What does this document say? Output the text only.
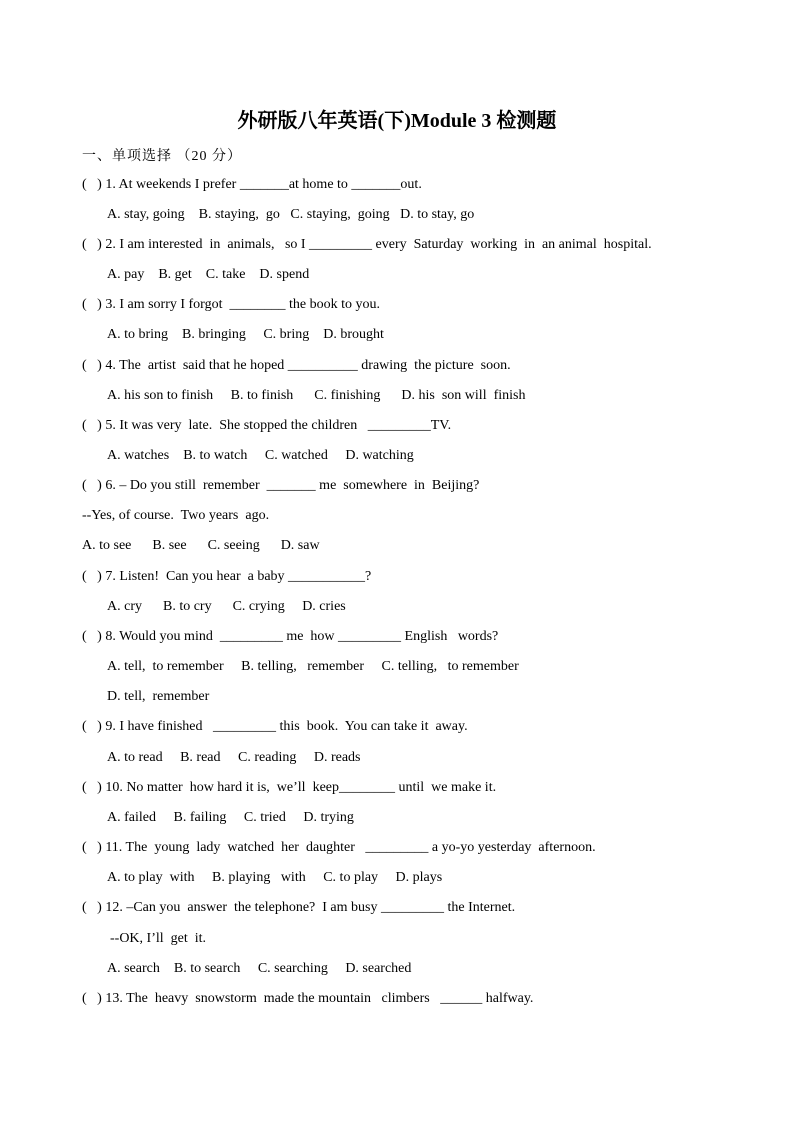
外研版八年英语(下)Module 3 检测题
一、单项选择 （20 分）
(   ) 1. At weekends I prefer _______at home to _______out.
A. stay, going    B. staying,  go   C. staying,  going   D. to stay, go
(   ) 2. I am interested  in  animals,   so I _________ every  Saturday  working  in  an animal  hospital.
A. pay    B. get    C. take    D. spend
(   ) 3. I am sorry I forgot  ________ the book to you.
A. to bring    B. bringing     C. bring    D. brought
(   ) 4. The  artist  said that he hoped __________ drawing  the picture  soon.
A. his son to finish     B. to finish      C. finishing      D. his  son will  finish
(   ) 5. It was very  late.  She stopped the children   _________TV.
A. watches    B. to watch     C. watched     D. watching
(   ) 6. – Do you still  remember  _______ me  somewhere  in  Beijing?
--Yes, of course.  Two years  ago.
A. to see      B. see      C. seeing      D. saw
(   ) 7. Listen!  Can you hear  a baby ___________?
A. cry      B. to cry      C. crying     D. cries
(   ) 8. Would you mind  _________ me  how _________ English   words?
A. tell,  to remember     B. telling,   remember     C. telling,   to remember
D. tell,  remember
(   ) 9. I have finished   _________ this  book.  You can take it  away.
A. to read     B. read     C. reading     D. reads
(   ) 10. No matter  how hard it is,  we’ll  keep________ until  we make it.
A. failed     B. failing     C. tried     D. trying
(   ) 11. The  young  lady  watched  her  daughter   _________ a yo-yo yesterday  afternoon.
A. to play  with     B. playing   with     C. to play     D. plays
(   ) 12. –Can you  answer  the telephone?  I am busy _________ the Internet.
--OK, I’ll  get  it.
A. search    B. to search     C. searching     D. searched
(   ) 13. The  heavy  snowstorm  made the mountain   climbers   ______ halfway.
